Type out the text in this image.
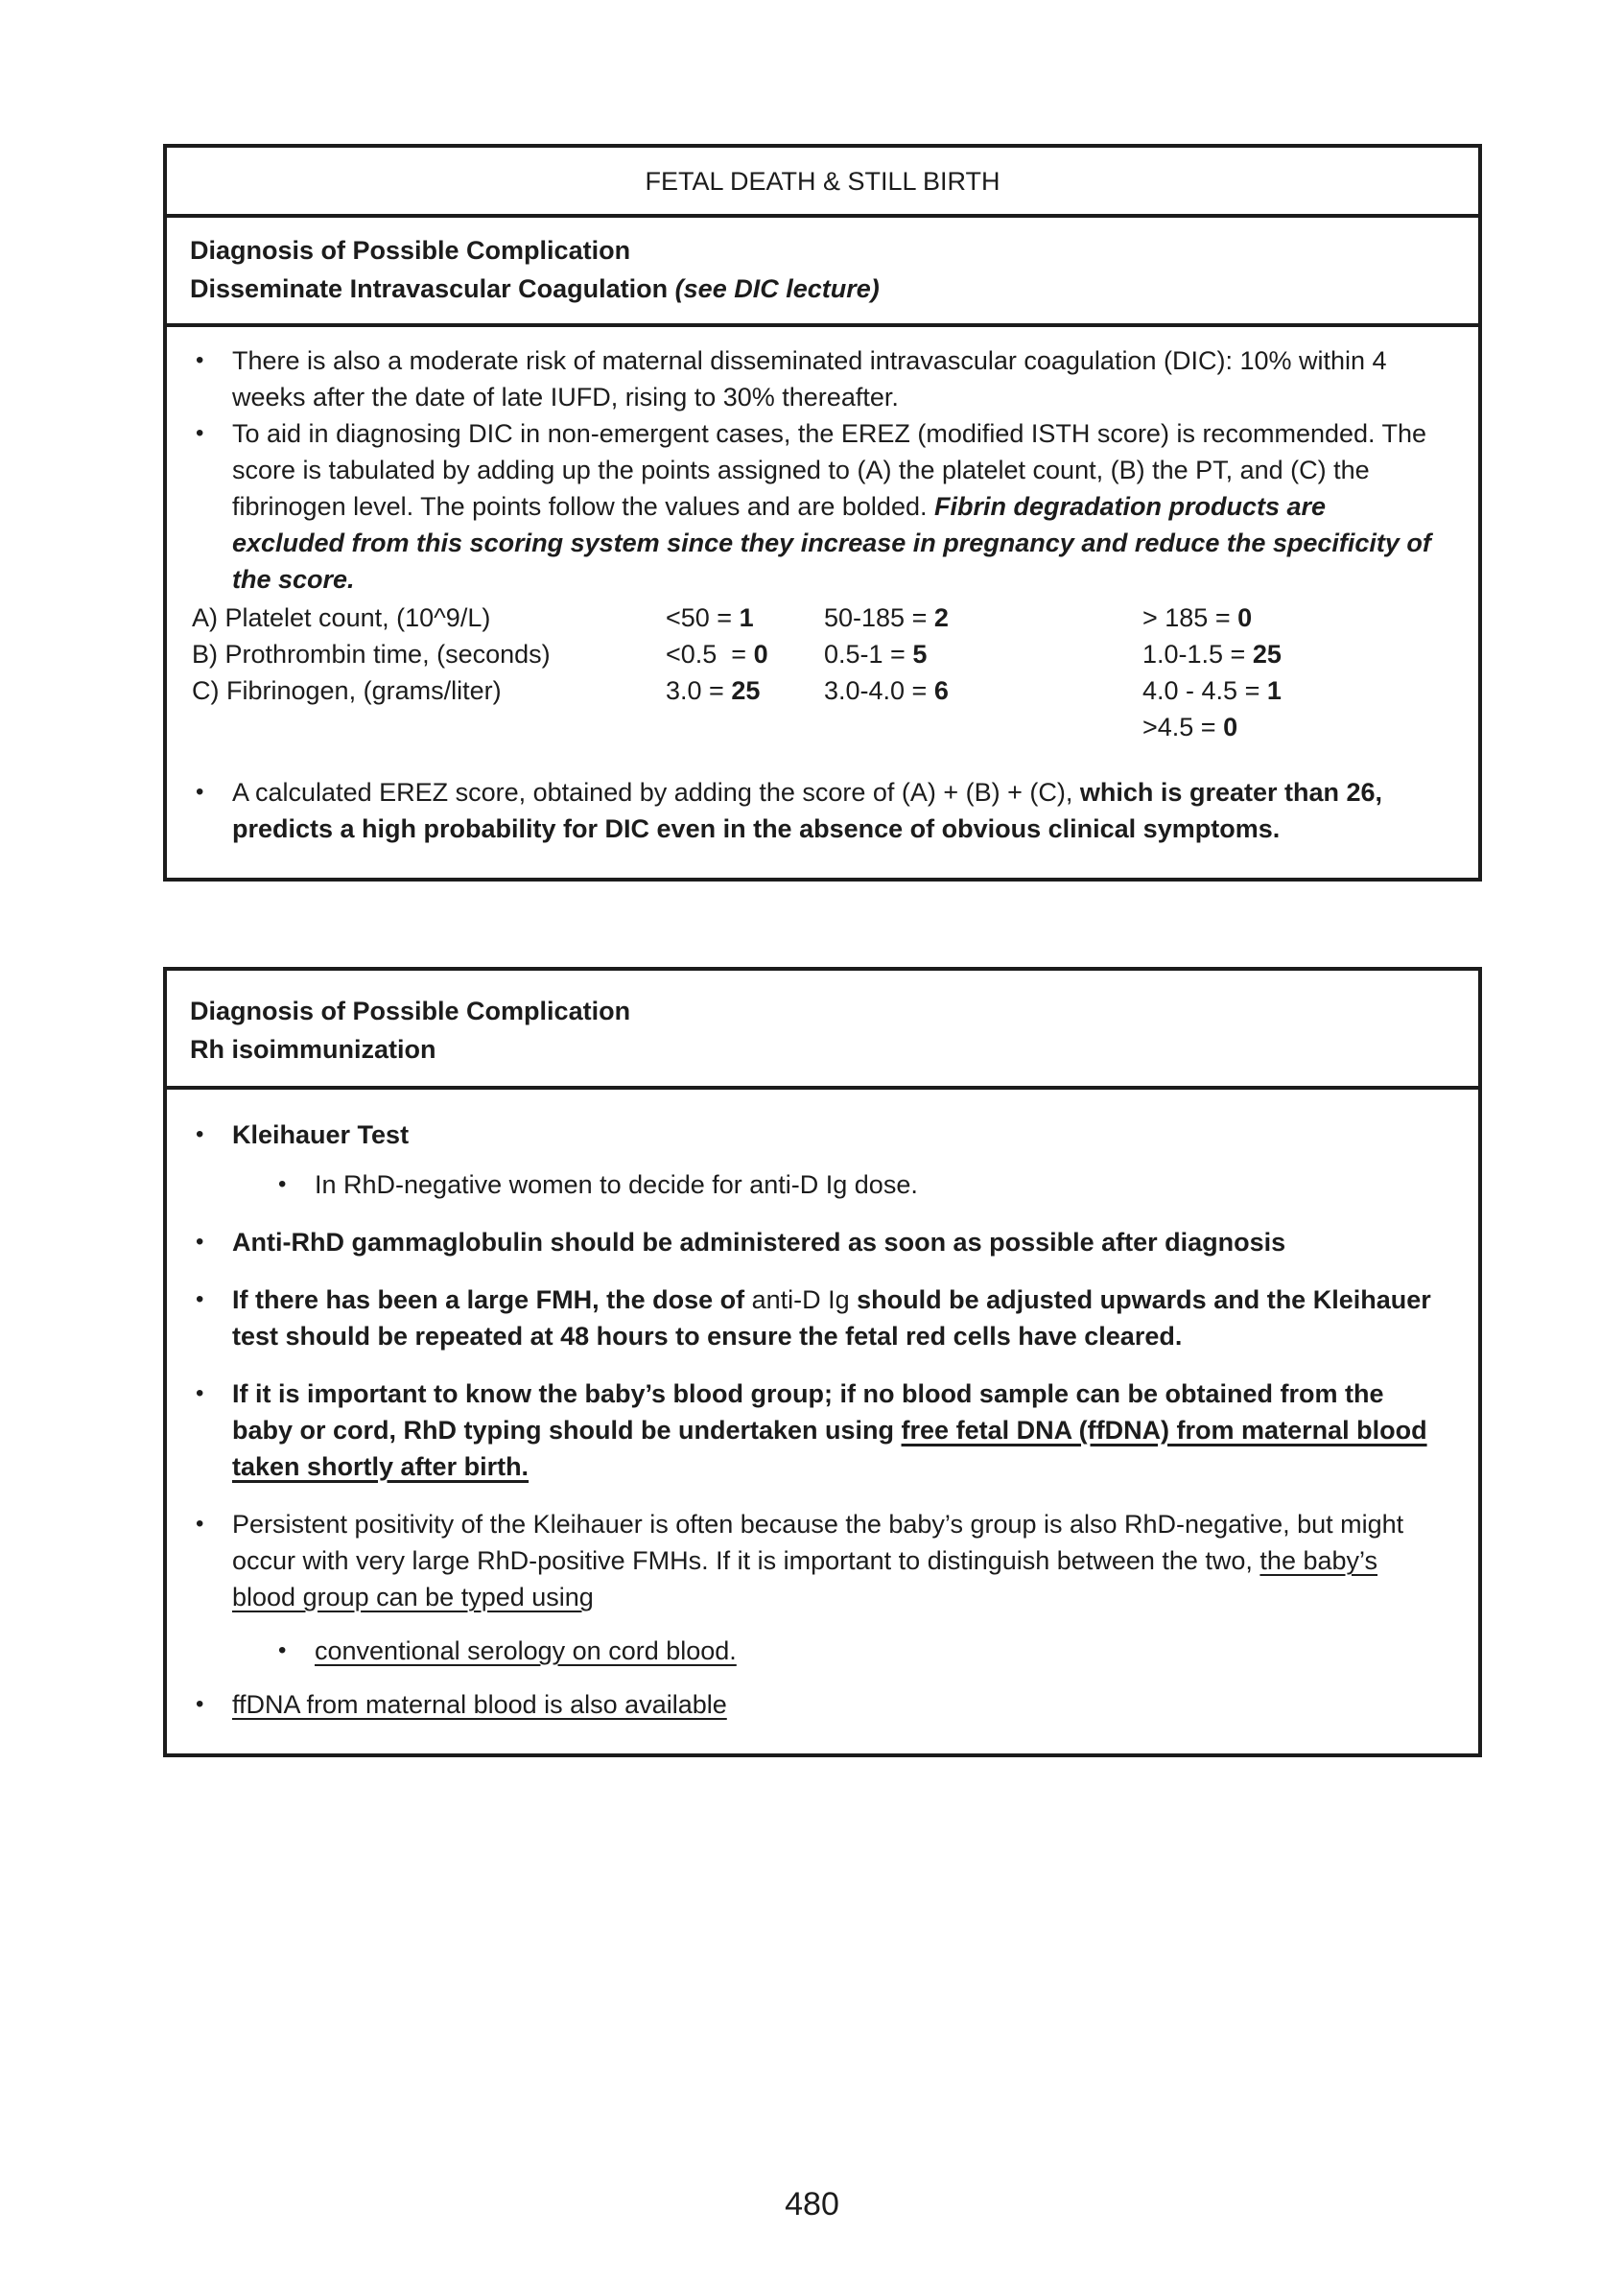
FETAL DEATH & STILL BIRTH
Diagnosis of Possible Complication
Disseminate Intravascular Coagulation (see DIC lecture)
•	There is also a moderate risk of maternal disseminated intravascular coagulation (DIC): 10% within 4 weeks after the date of late IUFD, rising to 30% thereafter.
•	To aid in diagnosing DIC in non-emergent cases, the EREZ (modified ISTH score) is recommended. The score is tabulated by adding up the points assigned to (A) the platelet count, (B) the PT, and (C) the fibrinogen level. The points follow the values and are bolded. Fibrin degradation products are excluded from this scoring system since they increase in pregnancy and reduce the specificity of the score.
A) Platelet count, (10^9/L)	<50 = 1	50-185 = 2	> 185 = 0
B) Prothrombin time, (seconds)	<0.5  = 0	0.5-1 = 5	1.0-1.5 = 25
C) Fibrinogen, (grams/liter)	3.0 = 25	3.0-4.0 = 6	4.0 - 4.5 = 1
>4.5 = 0
•	A calculated EREZ score, obtained by adding the score of (A) + (B) + (C), which is greater than 26, predicts a high probability for DIC even in the absence of obvious clinical symptoms.
Diagnosis of Possible Complication
Rh isoimmunization
•	Kleihauer Test
•	In RhD-negative women to decide for anti-D Ig dose.
•	Anti-RhD gammaglobulin should be administered as soon as possible after diagnosis
•	If there has been a large FMH, the dose of anti-D Ig should be adjusted upwards and the Kleihauer test should be repeated at 48 hours to ensure the fetal red cells have cleared.
•	If it is important to know the baby’s blood group; if no blood sample can be obtained from the baby or cord, RhD typing should be undertaken using free fetal DNA (ffDNA) from maternal blood taken shortly after birth.
•	Persistent positivity of the Kleihauer is often because the baby’s group is also RhD-negative, but might occur with very large RhD-positive FMHs. If it is important to distinguish between the two, the baby’s blood group can be typed using
•	conventional serology on cord blood.
•	ffDNA from maternal blood is also available
480
